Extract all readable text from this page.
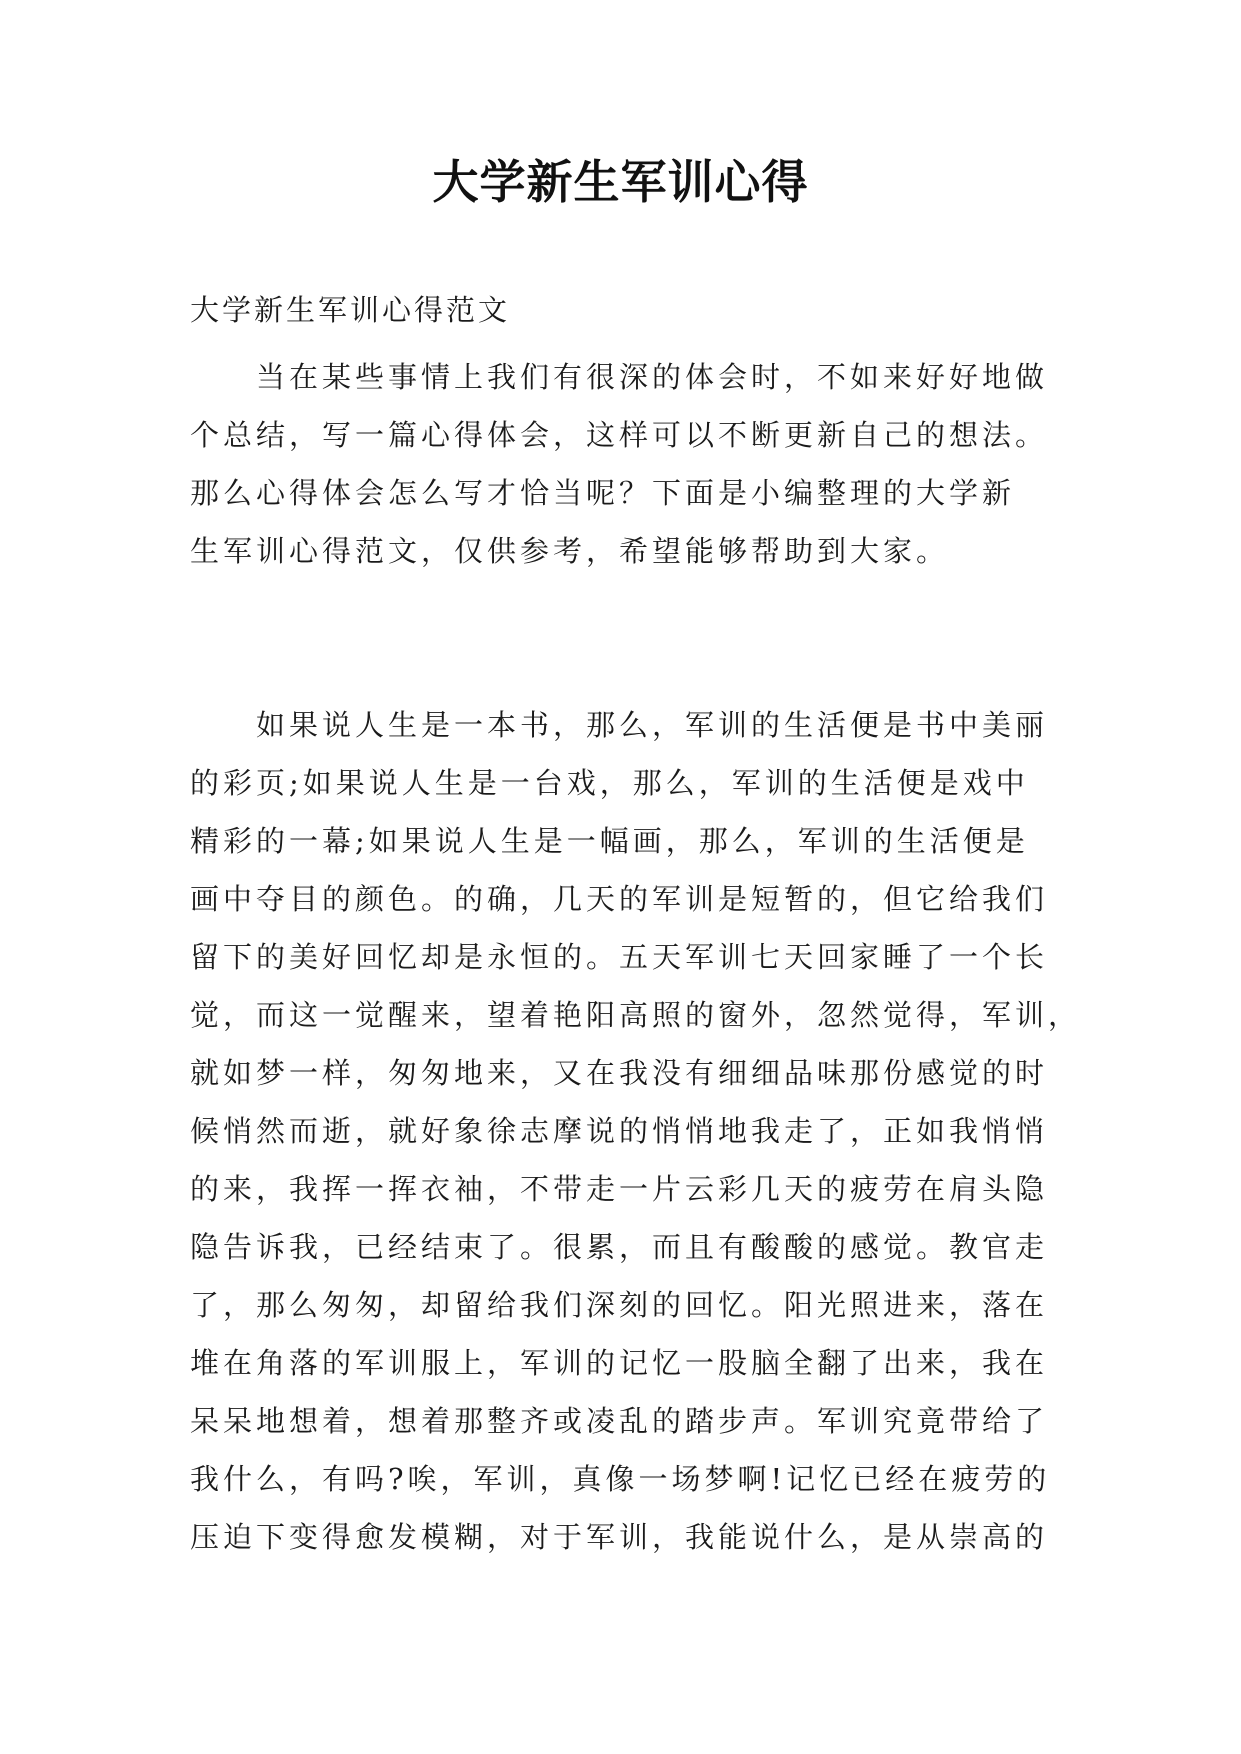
大学新生军训心得

大学新生军训心得范文

当在某些事情上我们有很深的体会时，不如来好好地做
个总结，写一篇心得体会，这样可以不断更新自己的想法。
那么心得体会怎么写才恰当呢？下面是小编整理的大学新
生军训心得范文，仅供参考，希望能够帮助到大家。
如果说人生是一本书，那么，军训的生活便是书中美丽
的彩页;如果说人生是一台戏，那么，军训的生活便是戏中
精彩的一幕;如果说人生是一幅画，那么，军训的生活便是
画中夺目的颜色。的确，几天的军训是短暂的，但它给我们
留下的美好回忆却是永恒的。五天军训七天回家睡了一个长
觉，而这一觉醒来，望着艳阳高照的窗外，忽然觉得，军训，
就如梦一样，匆匆地来，又在我没有细细品味那份感觉的时
候悄然而逝，就好象徐志摩说的悄悄地我走了，正如我悄悄
的来，我挥一挥衣袖，不带走一片云彩几天的疲劳在肩头隐
隐告诉我，已经结束了。很累，而且有酸酸的感觉。教官走
了，那么匆匆，却留给我们深刻的回忆。阳光照进来，落在
堆在角落的军训服上，军训的记忆一股脑全翻了出来，我在
呆呆地想着，想着那整齐或凌乱的踏步声。军训究竟带给了
我什么，有吗?唉，军训，真像一场梦啊!记忆已经在疲劳的
压迫下变得愈发模糊，对于军训，我能说什么，是从崇高的
